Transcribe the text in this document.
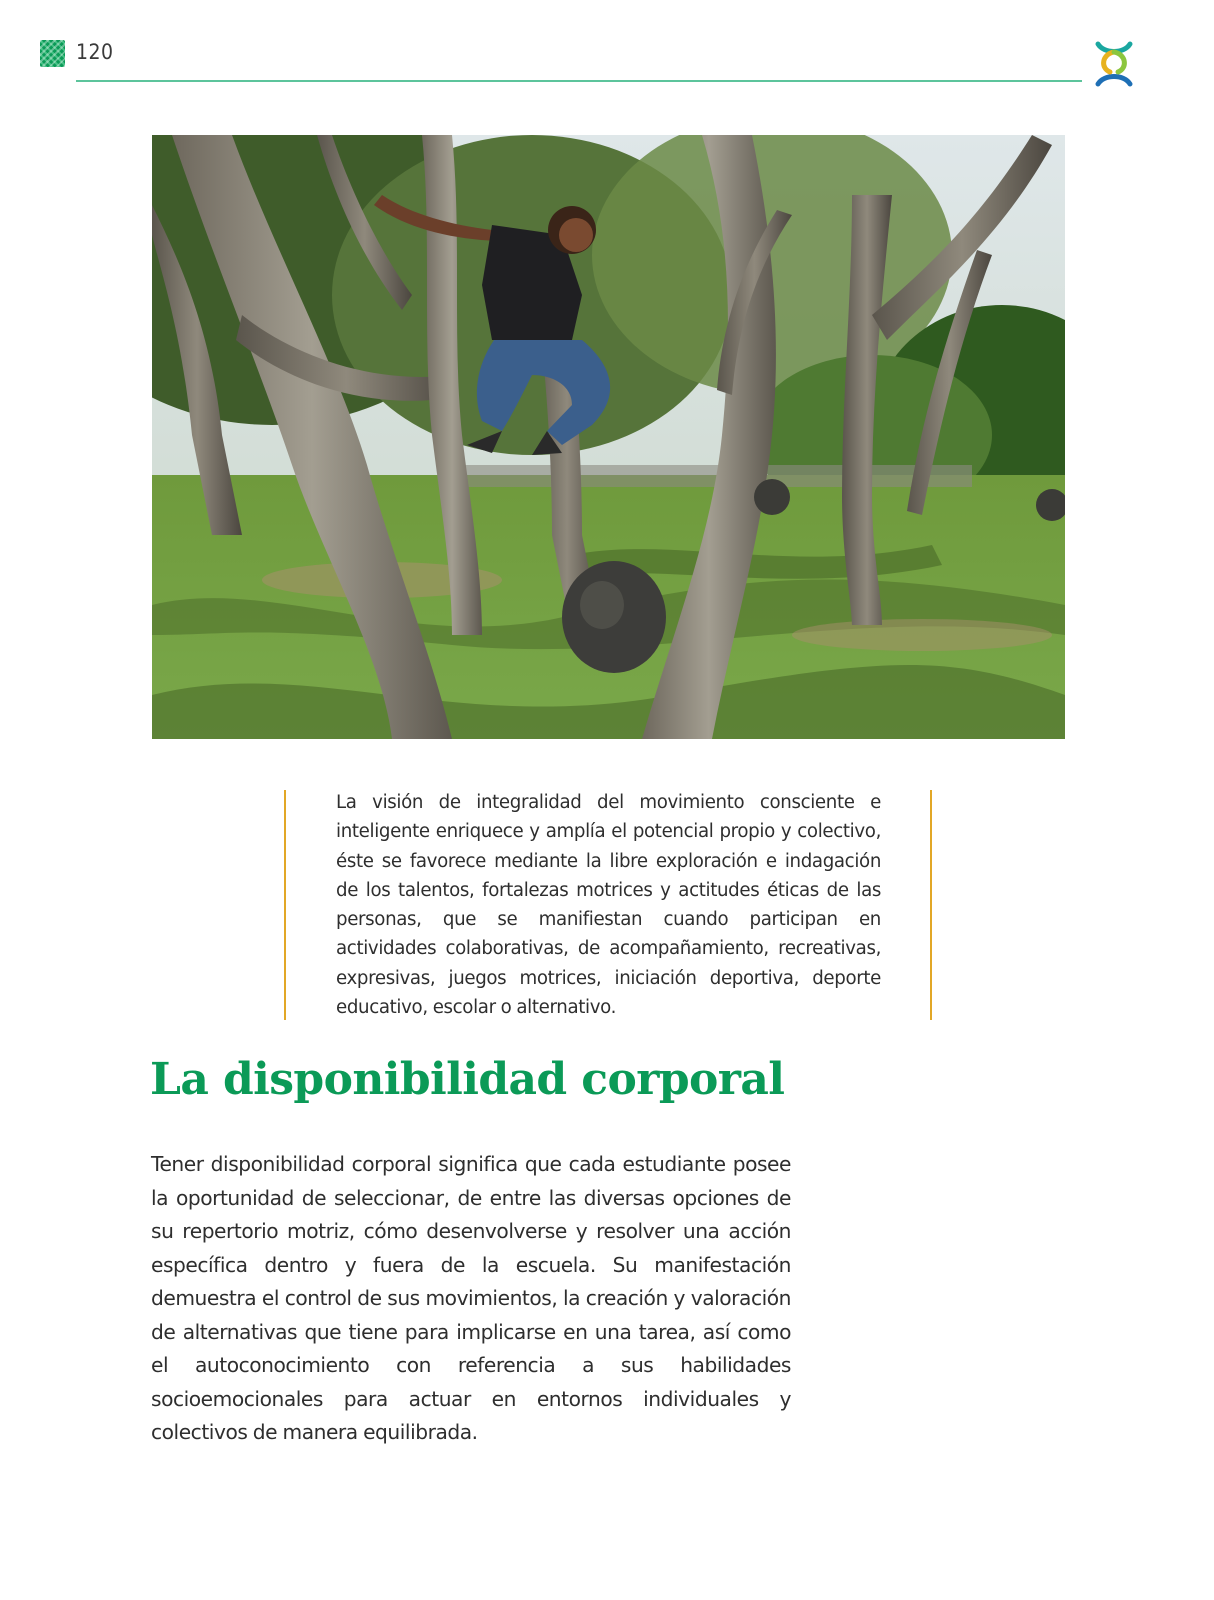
120

La visión de integralidad del movimiento consciente e inteligente enriquece y amplía el potencial propio y colectivo, éste se favorece mediante la libre exploración e indagación de los talentos, fortalezas motrices y actitudes éticas de las personas, que se manifiestan cuando participan en actividades colaborativas, de acompañamiento, recreativas, expresivas, juegos motrices, iniciación deportiva, deporte educativo, escolar o alternativo.

La disponibilidad corporal

Tener disponibilidad corporal significa que cada estudiante posee la oportunidad de seleccionar, de entre las diversas opciones de su repertorio motriz, cómo desenvolverse y resolver una acción específica dentro y fuera de la escuela. Su manifestación demuestra el control de sus movimientos, la creación y valoración de alternativas que tiene para implicarse en una tarea, así como el autoconocimiento con referencia a sus habilidades socioemocionales para actuar en entornos individuales y colectivos de manera equilibrada.
